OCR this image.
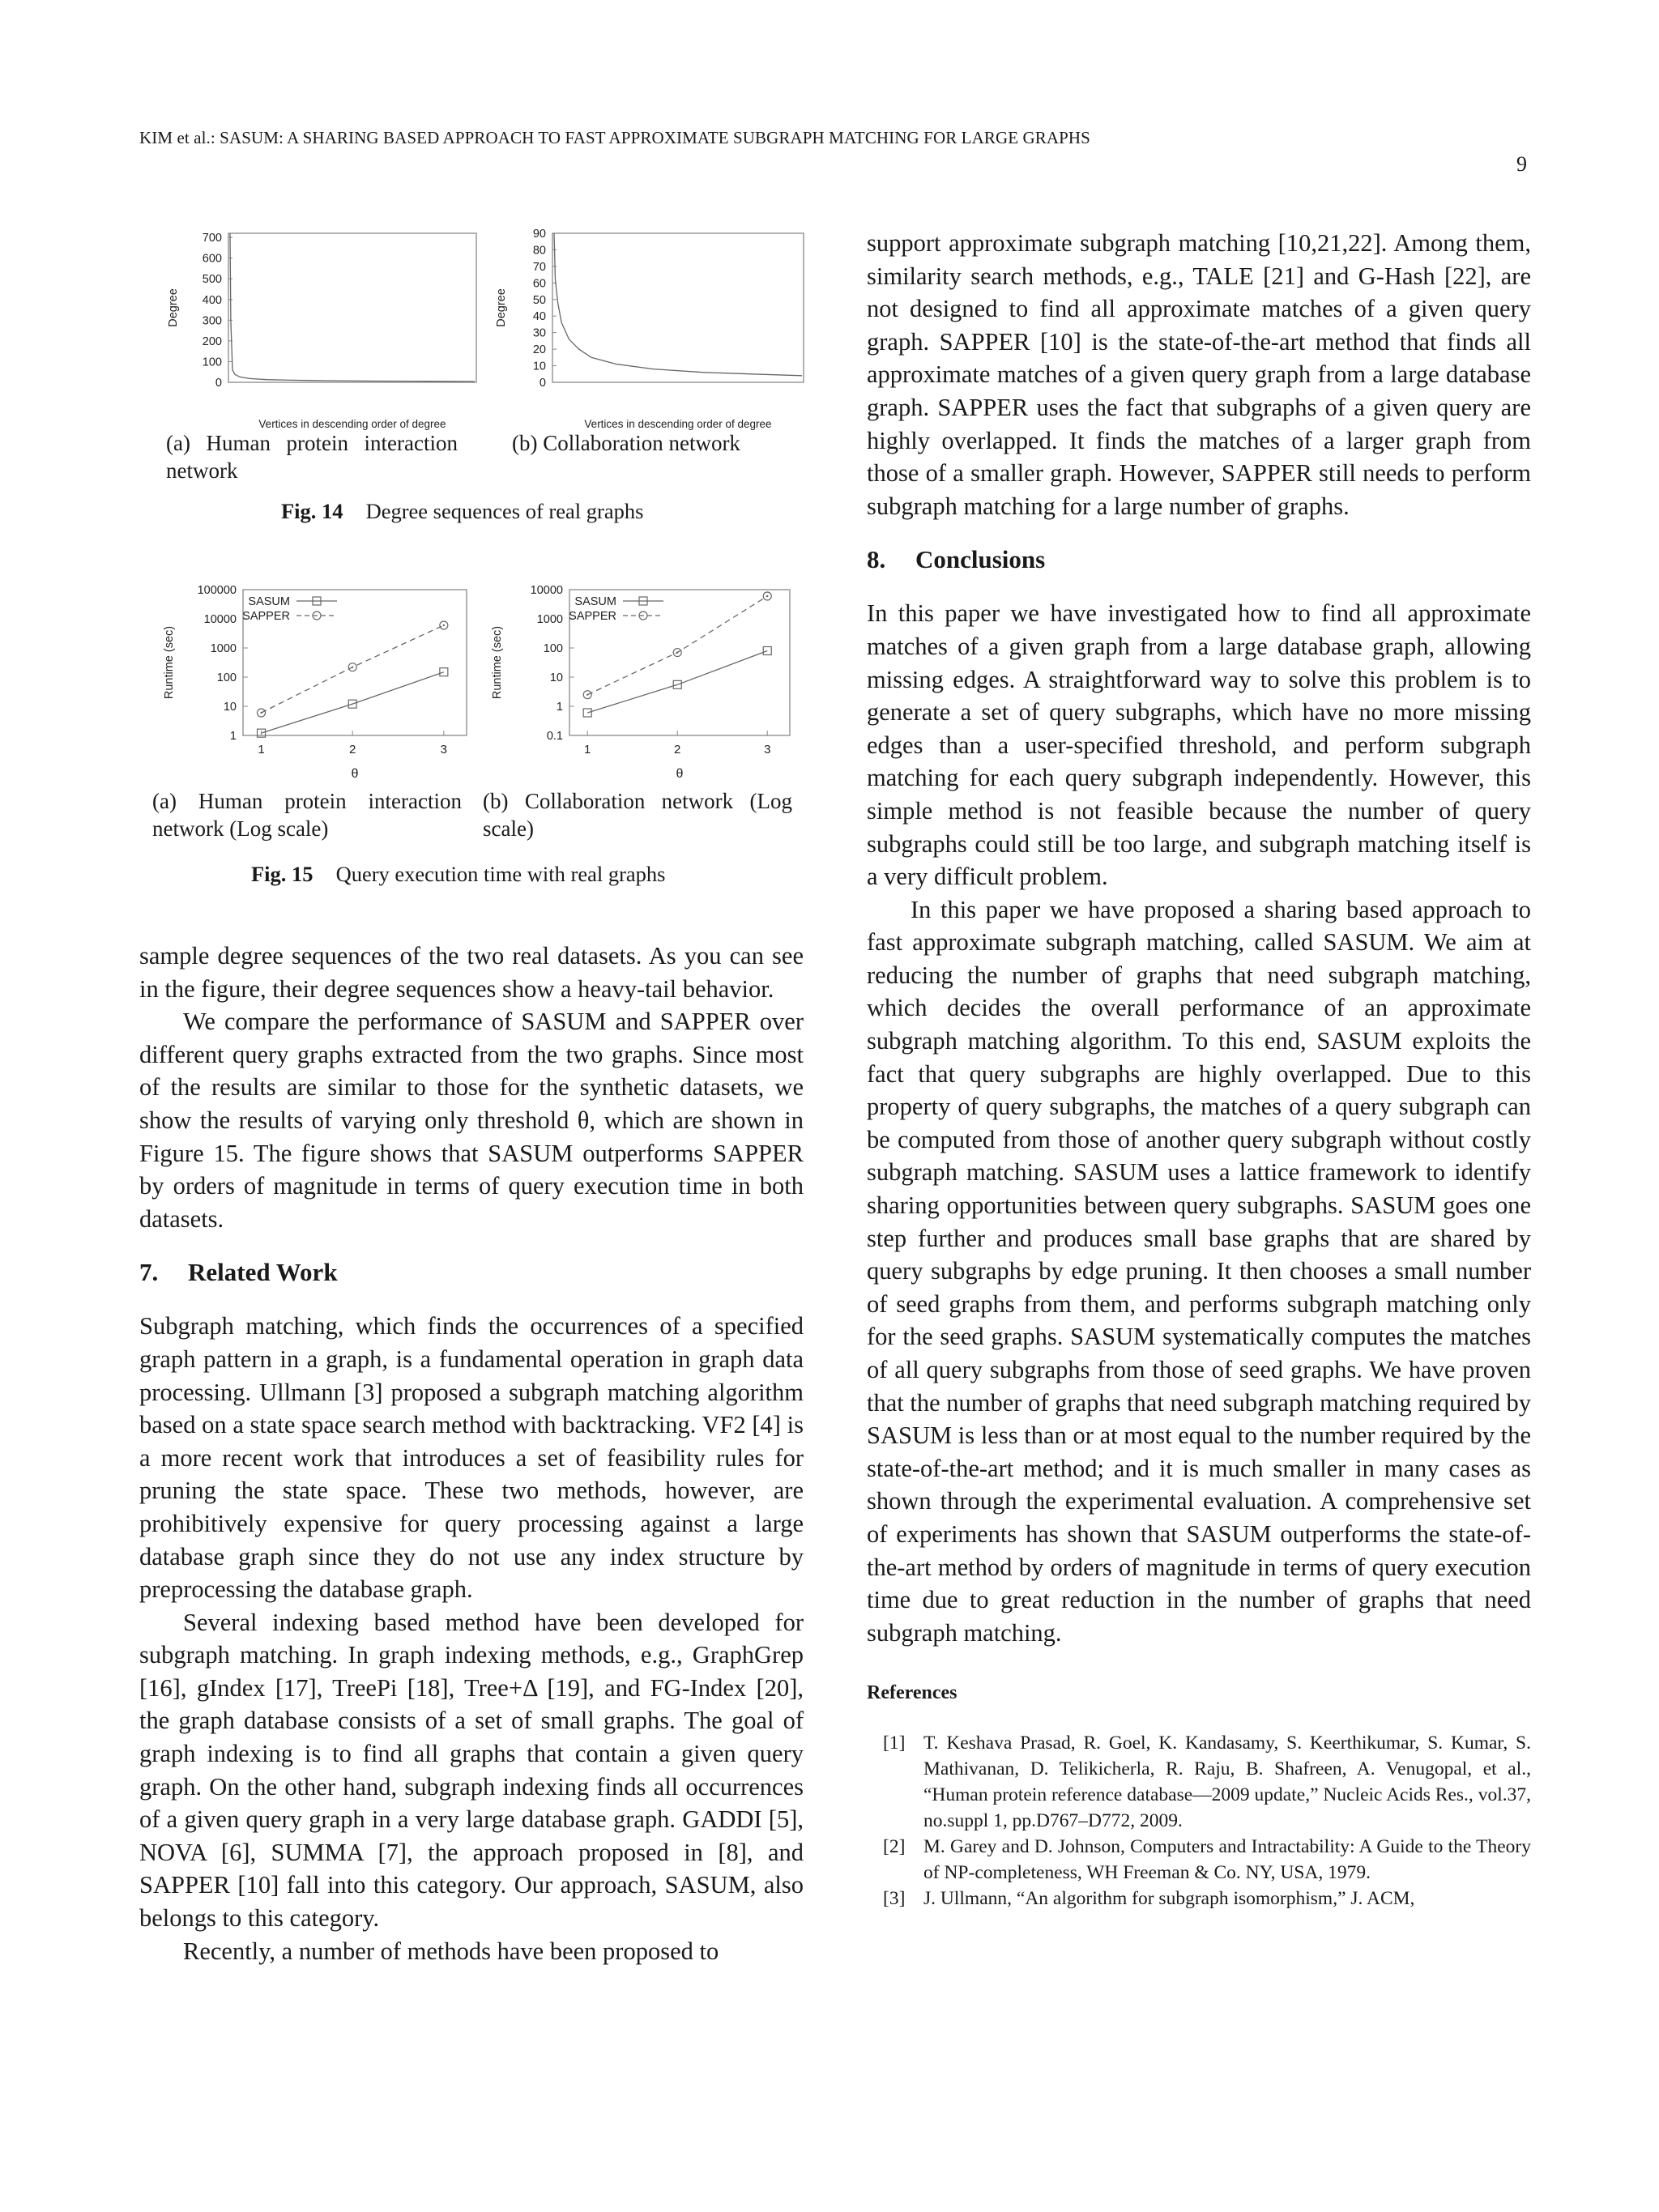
KIM et al.: SASUM: A SHARING BASED APPROACH TO FAST APPROXIMATE SUBGRAPH MATCHING FOR LARGE GRAPHS
9
0
100
200
300
400
500
600
700
Degree
Vertices in descending order of degree
0
10
20
30
40
50
60
70
80
90
Degree
Vertices in descending order of degree
(a) Human protein interaction network
(b) Collaboration network
Fig. 14 Degree sequences of real graphs
1
10
100
1000
10000
100000
1	2	3
Runtime (sec)
θ
SASUM
SAPPER
0.1
1
10
100
1000
10000
1	2	3
Runtime (sec)
θ
SASUM
SAPPER
(a) Human protein interaction network (Log scale)
(b) Collaboration network (Log scale)
Fig. 15 Query execution time with real graphs

sample degree sequences of the two real datasets. As you can see in the figure, their degree sequences show a heavy-tail behavior.

We compare the performance of SASUM and SAPPER over different query graphs extracted from the two graphs. Since most of the results are similar to those for the synthetic datasets, we show the results of varying only threshold θ, which are shown in Figure 15. The figure shows that SASUM outperforms SAPPER by orders of magnitude in terms of query execution time in both datasets.

7. Related Work

Subgraph matching, which finds the occurrences of a specified graph pattern in a graph, is a fundamental operation in graph data processing. Ullmann [3] proposed a subgraph matching algorithm based on a state space search method with backtracking. VF2 [4] is a more recent work that introduces a set of feasibility rules for pruning the state space. These two methods, however, are prohibitively expensive for query processing against a large database graph since they do not use any index structure by preprocessing the database graph.

Several indexing based method have been developed for subgraph matching. In graph indexing methods, e.g., GraphGrep [16], gIndex [17], TreePi [18], Tree+Δ [19], and FG-Index [20], the graph database consists of a set of small graphs. The goal of graph indexing is to find all graphs that contain a given query graph. On the other hand, subgraph indexing finds all occurrences of a given query graph in a very large database graph. GADDI [5], NOVA [6], SUMMA [7], the approach proposed in [8], and SAPPER [10] fall into this category. Our approach, SASUM, also belongs to this category.

Recently, a number of methods have been proposed to

support approximate subgraph matching [10,21,22]. Among them, similarity search methods, e.g., TALE [21] and G-Hash [22], are not designed to find all approximate matches of a given query graph. SAPPER [10] is the state-of-the-art method that finds all approximate matches of a given query graph from a large database graph. SAPPER uses the fact that subgraphs of a given query are highly overlapped. It finds the matches of a larger graph from those of a smaller graph. However, SAPPER still needs to perform subgraph matching for a large number of graphs.

8. Conclusions

In this paper we have investigated how to find all approximate matches of a given graph from a large database graph, allowing missing edges. A straightforward way to solve this problem is to generate a set of query subgraphs, which have no more missing edges than a user-specified threshold, and perform subgraph matching for each query subgraph independently. However, this simple method is not feasible because the number of query subgraphs could still be too large, and subgraph matching itself is a very difficult problem.

In this paper we have proposed a sharing based approach to fast approximate subgraph matching, called SASUM. We aim at reducing the number of graphs that need subgraph matching, which decides the overall performance of an approximate subgraph matching algorithm. To this end, SASUM exploits the fact that query subgraphs are highly overlapped. Due to this property of query subgraphs, the matches of a query subgraph can be computed from those of another query subgraph without costly subgraph matching. SASUM uses a lattice framework to identify sharing opportunities between query subgraphs. SASUM goes one step further and produces small base graphs that are shared by query subgraphs by edge pruning. It then chooses a small number of seed graphs from them, and performs subgraph matching only for the seed graphs. SASUM systematically computes the matches of all query subgraphs from those of seed graphs. We have proven that the number of graphs that need subgraph matching required by SASUM is less than or at most equal to the number required by the state-of-the-art method; and it is much smaller in many cases as shown through the experimental evaluation. A comprehensive set of experiments has shown that SASUM outperforms the state-of-the-art method by orders of magnitude in terms of query execution time due to great reduction in the number of graphs that need subgraph matching.

References

[1] T. Keshava Prasad, R. Goel, K. Kandasamy, S. Keerthikumar, S. Kumar, S. Mathivanan, D. Telikicherla, R. Raju, B. Shafreen, A. Venugopal, et al., “Human protein reference database—2009 update,” Nucleic Acids Res., vol.37, no.suppl 1, pp.D767–D772, 2009.

[2] M. Garey and D. Johnson, Computers and Intractability: A Guide to the Theory of NP-completeness, WH Freeman & Co. NY, USA, 1979.

[3] J. Ullmann, “An algorithm for subgraph isomorphism,” J. ACM,
